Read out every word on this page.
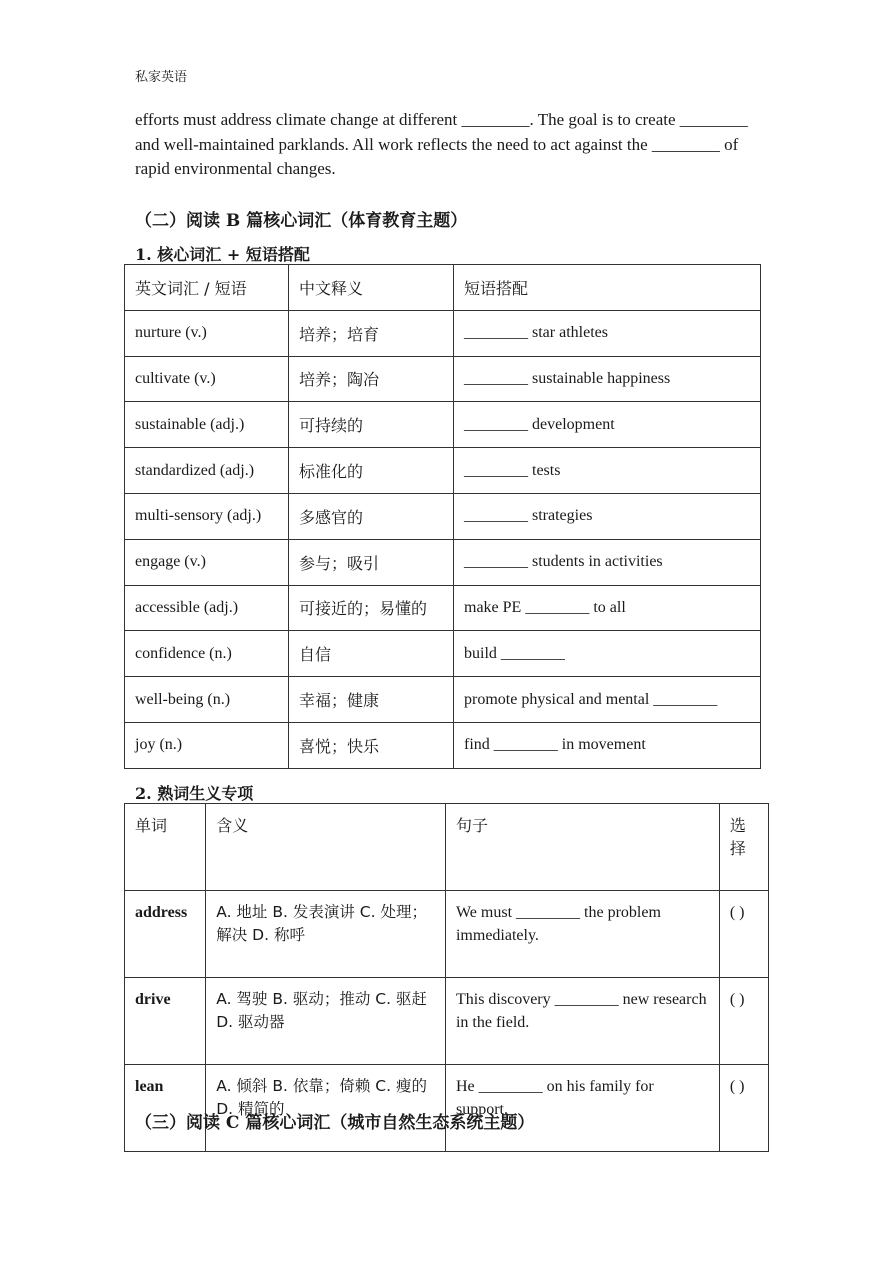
私家英语
efforts must address climate change at different ________. The goal is to create ________ and well-maintained parklands. All work reflects the need to act against the ________ of rapid environmental changes.
（二）阅读 B 篇核心词汇（体育教育主题）
1. 核心词汇 + 短语搭配
英文词汇 / 短语	中文释义	短语搭配
nurture (v.)	培养；培育	________ star athletes
cultivate (v.)	培养；陶冶	________ sustainable happiness
sustainable (adj.)	可持续的	________ development
standardized (adj.)	标准化的	________ tests
multi-sensory (adj.)	多感官的	________ strategies
engage (v.)	参与；吸引	________ students in activities
accessible (adj.)	可接近的；易懂的	make PE ________ to all
confidence (n.)	自信	build ________
well-being (n.)	幸福；健康	promote physical and mental ________
joy (n.)	喜悦；快乐	find ________ in movement
2. 熟词生义专项
单词	含义	句子	选择
address	A. 地址 B. 发表演讲 C. 处理；解决 D. 称呼	We must ________ the problem immediately.	( )
drive	A. 驾驶 B. 驱动；推动 C. 驱赶 D. 驱动器	This discovery ________ new research in the field.	( )
lean	A. 倾斜 B. 依靠；倚赖 C. 瘦的 D. 精简的	He ________ on his family for support.	( )
（三）阅读 C 篇核心词汇（城市自然生态系统主题）
